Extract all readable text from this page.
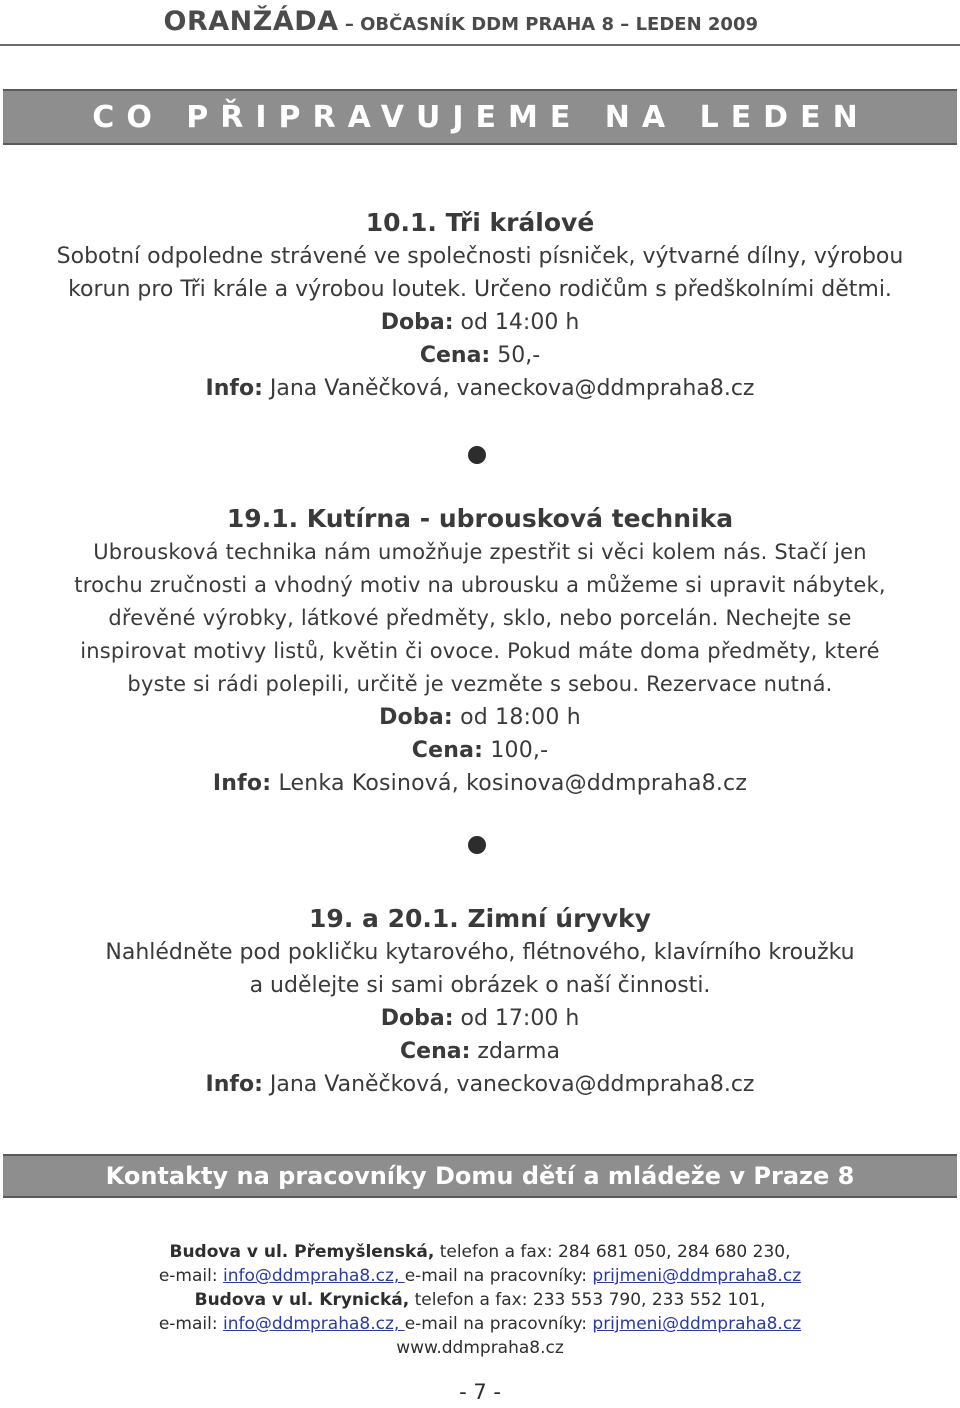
ORANŽÁDA – OBČASNÍK DDM PRAHA 8 – LEDEN 2009
CO PŘIPRAVUJEME NA LEDEN
10.1. Tři králové
Sobotní odpoledne strávené ve společnosti písniček, výtvarné dílny, výrobou
korun pro Tři krále a výrobou loutek. Určeno rodičům s předškolními dětmi.
Doba: od 14:00 h
Cena: 50,-
Info: Jana Vaněčková, vaneckova@ddmpraha8.cz
19.1. Kutírna - ubrousková technika
Ubrousková technika nám umožňuje zpestřit si věci kolem nás. Stačí jen
trochu zručnosti a vhodný motiv na ubrousku a můžeme si upravit nábytek,
dřevěné výrobky, látkové předměty, sklo, nebo porcelán. Nechejte se
inspirovat motivy listů, květin či ovoce. Pokud máte doma předměty, které
byste si rádi polepili, určitě je vezměte s sebou. Rezervace nutná.
Doba: od 18:00 h
Cena: 100,-
Info: Lenka Kosinová, kosinova@ddmpraha8.cz
19. a 20.1. Zimní úryvky
Nahlédněte pod pokličku kytarového, flétnového, klavírního kroužku
a udělejte si sami obrázek o naší činnosti.
Doba: od 17:00 h
Cena: zdarma
Info: Jana Vaněčková, vaneckova@ddmpraha8.cz
Kontakty na pracovníky Domu dětí a mládeže v Praze 8
Budova v ul. Přemyšlenská, telefon a fax: 284 681 050, 284 680 230,
e-mail: info@ddmpraha8.cz, e-mail na pracovníky: prijmeni@ddmpraha8.cz
Budova v ul. Krynická, telefon a fax: 233 553 790, 233 552 101,
e-mail: info@ddmpraha8.cz, e-mail na pracovníky: prijmeni@ddmpraha8.cz
www.ddmpraha8.cz
- 7 -
